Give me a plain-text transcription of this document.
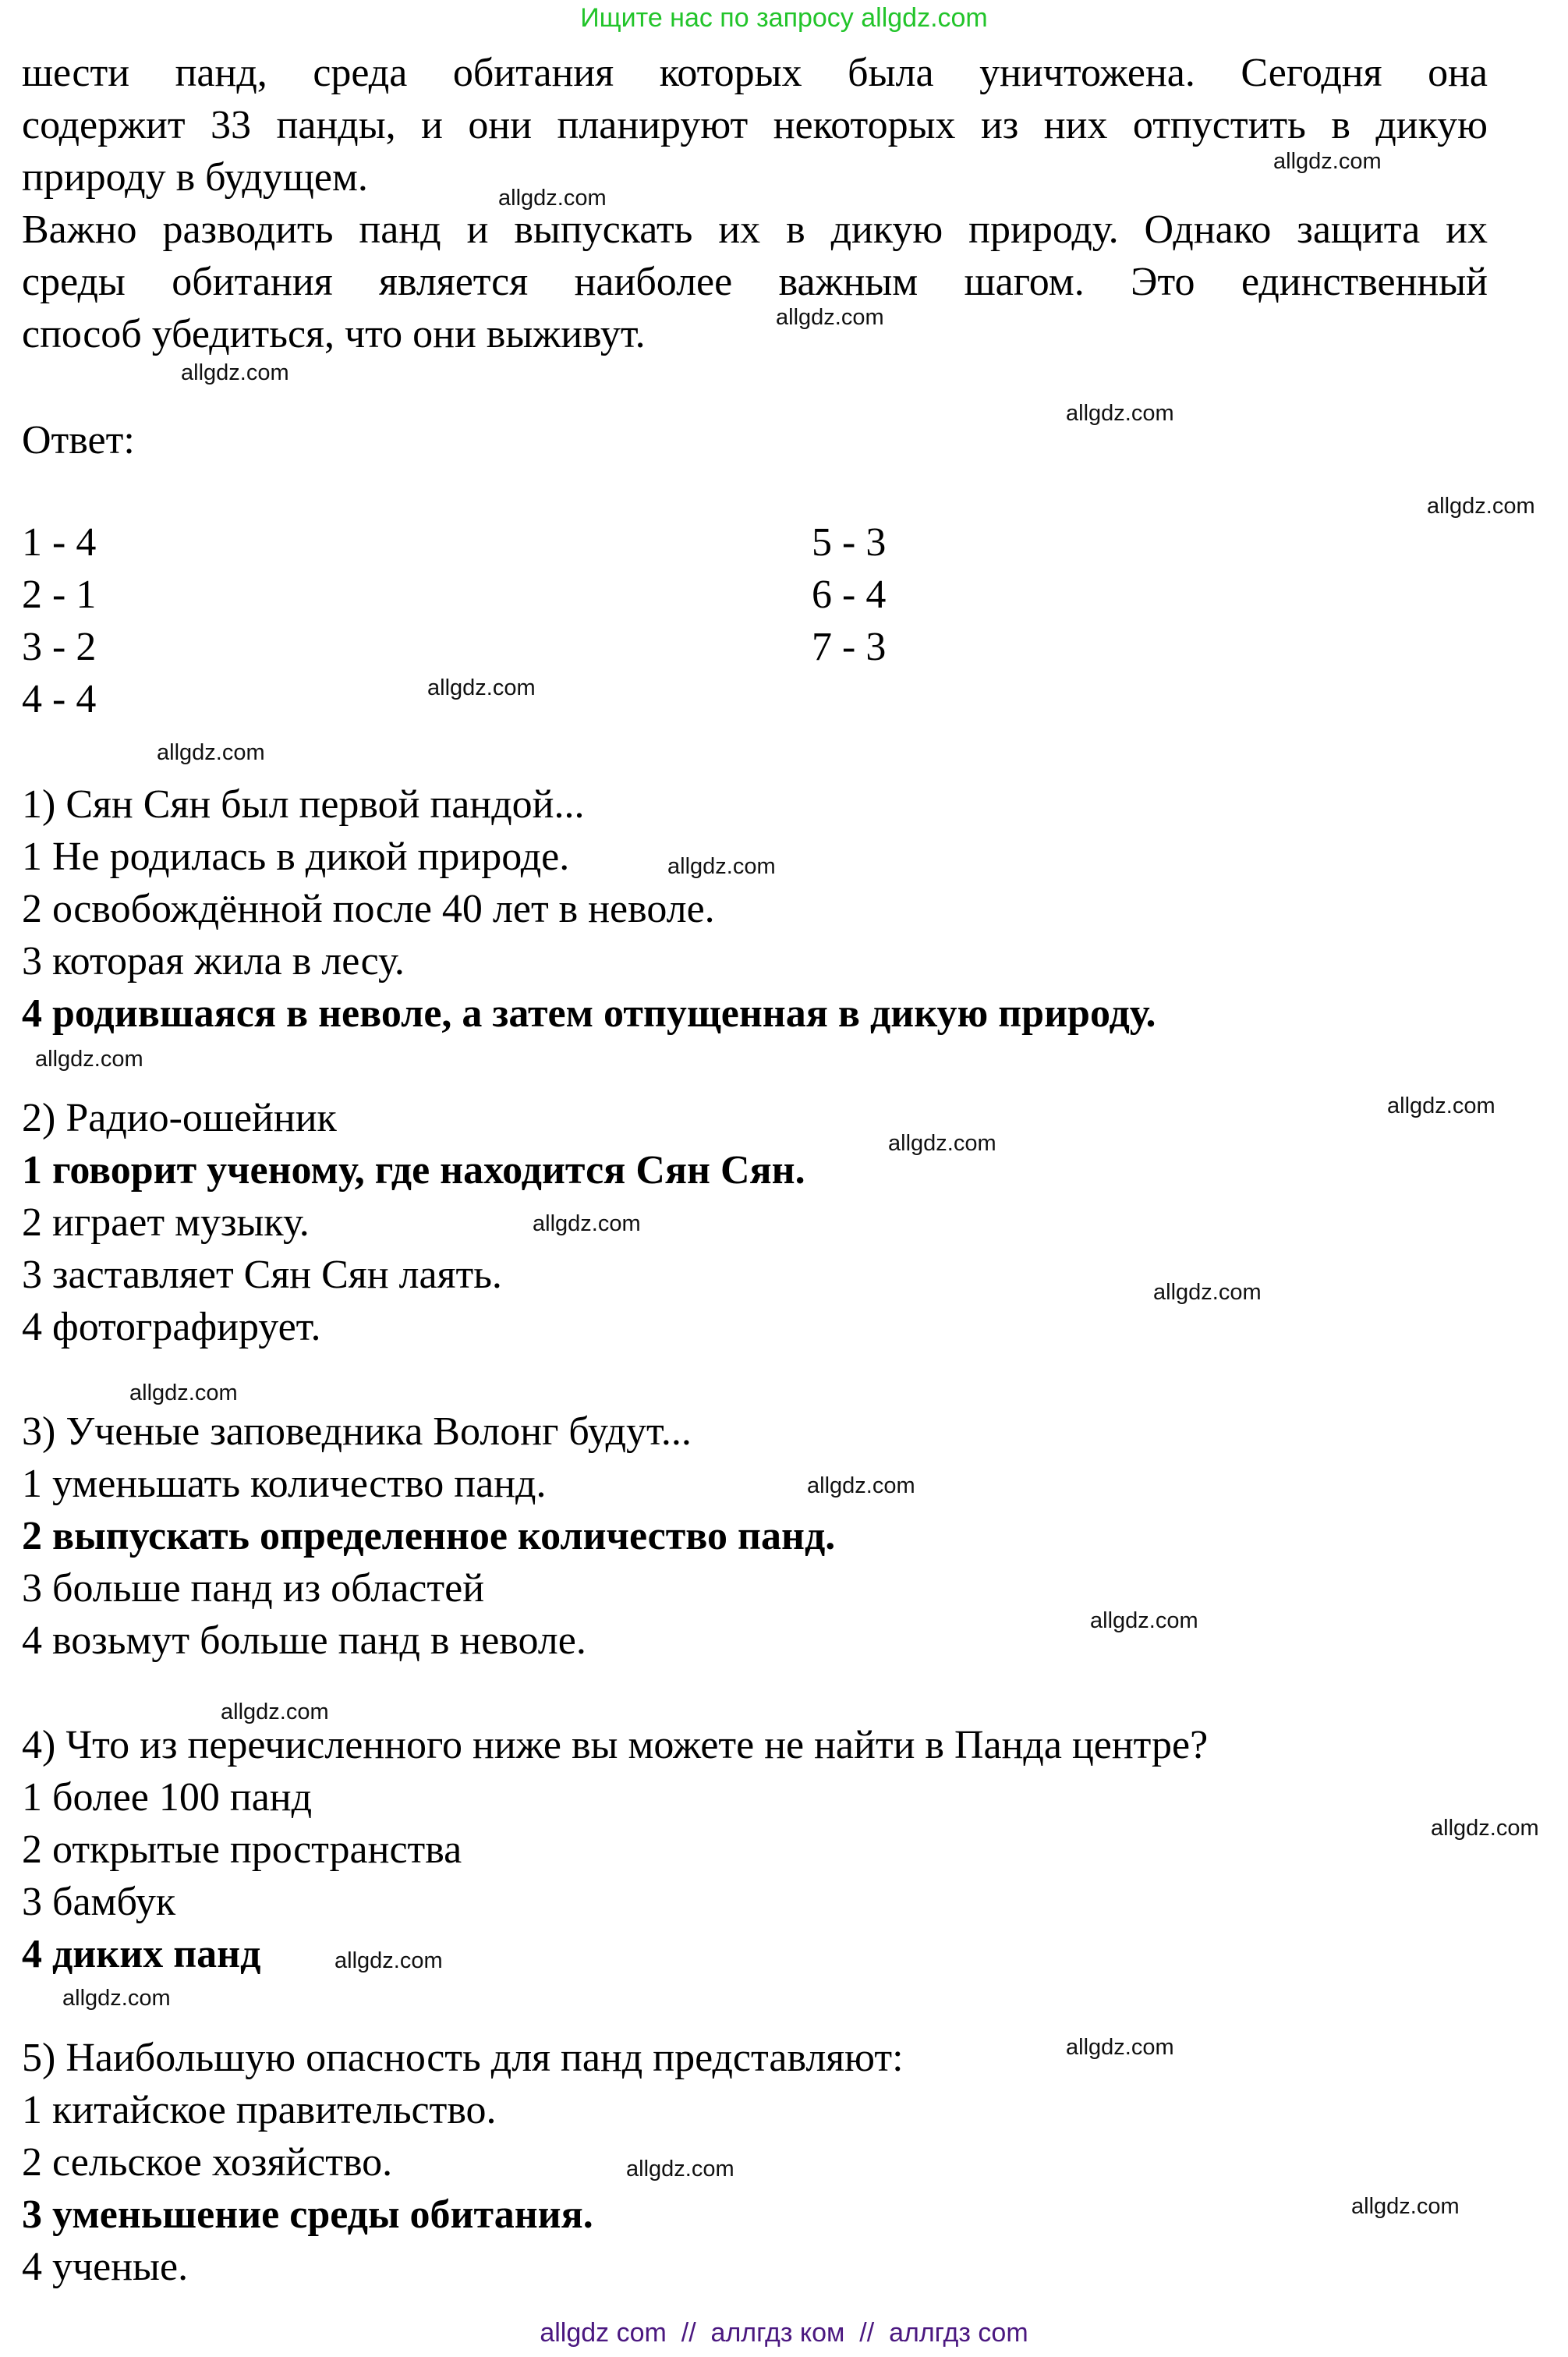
Ищите нас по запросу allgdz.com
шести панд, среда обитания которых была уничтожена. Сегодня она
содержит 33 панды, и они планируют некоторых из них отпустить в дикую
природу в будущем.
Важно разводить панд и выпускать их в дикую природу. Однако защита их
среды обитания является наиболее важным шагом. Это единственный
способ убедиться, что они выживут.
Ответ:
1 - 4
2 - 1
3 - 2
4 - 4
5 - 3
6 - 4
7 - 3
1) Сян Сян был первой пандой...
1 Не родилась в дикой природе.
2 освобождённой после 40 лет в неволе.
3 которая жила в лесу.
4 родившаяся в неволе, а затем отпущенная в дикую природу.
2) Радио-ошейник
1 говорит ученому, где находится Сян Сян.
2 играет музыку.
3 заставляет Сян Сян лаять.
4 фотографирует.
3) Ученые заповедника Волонг будут...
1 уменьшать количество панд.
2 выпускать определенное количество панд.
3 больше панд из областей
4 возьмут больше панд в неволе.
4) Что из перечисленного ниже вы можете не найти в Панда центре?
1 более 100 панд
2 открытые пространства
3 бамбук
4 диких панд
5) Наибольшую опасность для панд представляют:
1 китайское правительство.
2 сельское хозяйство.
3 уменьшение среды обитания.
4 ученые.
allgdz.com
allgdz.com
allgdz.com
allgdz.com
allgdz.com
allgdz.com
allgdz.com
allgdz.com
allgdz.com
allgdz.com
allgdz.com
allgdz.com
allgdz.com
allgdz.com
allgdz.com
allgdz.com
allgdz.com
allgdz.com
allgdz.com
allgdz.com
allgdz.com
allgdz.com
allgdz.com
allgdz.com
allgdz com  //  аллгдз ком  //  аллгдз com
